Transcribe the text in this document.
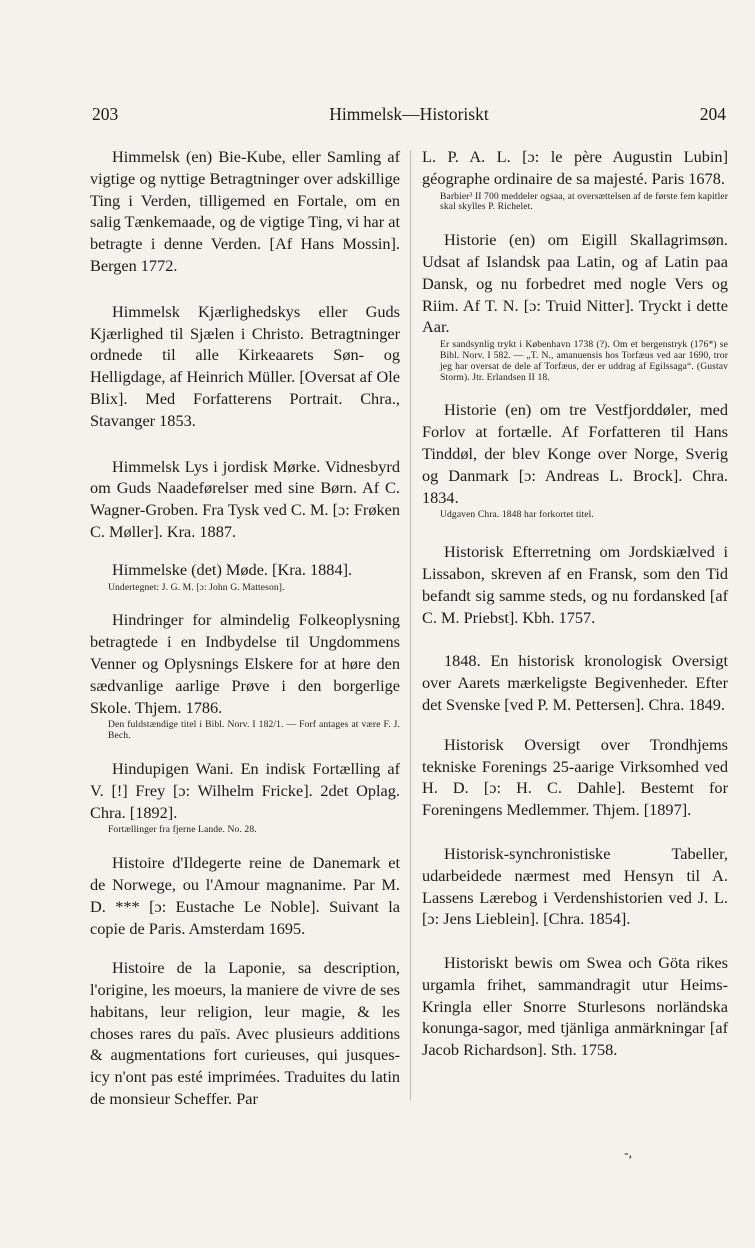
203	Himmelsk—Historiskt	204

Himmelsk (en) Bie-Kube, eller Samling af vigtige og nyttige Betragtninger over adskillige Ting i Verden, tilligemed en Fortale, om en salig Tænkemaade, og de vigtige Ting, vi har at betragte i denne Verden. [Af Hans Mossin]. Bergen 1772.

Himmelsk Kjærlighedskys eller Guds Kjærlighed til Sjælen i Christo. Betragtninger ordnede til alle Kirkeaarets Søn- og Helligdage, af Heinrich Müller. [Oversat af Ole Blix]. Med Forfatterens Portrait. Chra., Stavanger 1853.

Himmelsk Lys i jordisk Mørke. Vidnesbyrd om Guds Naadeførelser med sine Børn. Af C. Wagner-Groben. Fra Tysk ved C. M. [ɔ: Frøken C. Møller]. Kra. 1887.

Himmelske (det) Møde. [Kra. 1884].

Undertegnet: J. G. M. [ɔ: John G. Matteson].

Hindringer for almindelig Folkeoplysning betragtede i en Indbydelse til Ungdommens Venner og Oplysnings Elskere for at høre den sædvanlige aarlige Prøve i den borgerlige Skole. Thjem. 1786.

Den fuldstændige titel i Bibl. Norv. I 182/1. — Forf antages at være F. J. Bech.

Hindupigen Wani. En indisk Fortælling af V. [!] Frey [ɔ: Wilhelm Fricke]. 2det Oplag. Chra. [1892].

Fortællinger fra fjerne Lande. No. 28.

Histoire d'Ildegerte reine de Danemark et de Norwege, ou l'Amour magnanime. Par M. D. *** [ɔ: Eustache Le Noble]. Suivant la copie de Paris. Amsterdam 1695.

Histoire de la Laponie, sa description, l'origine, les moeurs, la maniere de vivre de ses habitans, leur religion, leur magie, & les choses rares du païs. Avec plusieurs additions & augmentations fort curieuses, qui jusques-icy n'ont pas esté imprimées. Traduites du latin de monsieur Scheffer. Par

L. P. A. L. [ɔ: le père Augustin Lubin] géographe ordinaire de sa majesté. Paris 1678.

Barbier³ II 700 meddeler ogsaa, at oversættelsen af de første fem kapitler skal skylles P. Richelet.

Historie (en) om Eigill Skallagrimsøn. Udsat af Islandsk paa Latin, og af Latin paa Dansk, og nu forbedret med nogle Vers og Riim. Af T. N. [ɔ: Truid Nitter]. Tryckt i dette Aar.

Er sandsynlig trykt i København 1738 (?). Om et bergenstryk (176*) se Bibl. Norv. I 582. — „T. N., amanuensis hos Torfæus ved aar 1690, tror jeg har oversat de dele af Torfæus, der er uddrag af Egilssaga“. (Gustav Storm). Jtr. Erlandsen II 18.

Historie (en) om tre Vestfjorddøler, med Forlov at fortælle. Af Forfatteren til Hans Tinddøl, der blev Konge over Norge, Sverig og Danmark [ɔ: Andreas L. Brock]. Chra. 1834.

Udgaven Chra. 1848 har forkortet titel.

Historisk Efterretning om Jordskiælved i Lissabon, skreven af en Fransk, som den Tid befandt sig samme steds, og nu fordansked [af C. M. Priebst]. Kbh. 1757.

1848. En historisk kronologisk Oversigt over Aarets mærkeligste Begivenheder. Efter det Svenske [ved P. M. Pettersen]. Chra. 1849.

Historisk Oversigt over Trondhjems tekniske Forenings 25-aarige Virksomhed ved H. D. [ɔ: H. C. Dahle]. Bestemt for Foreningens Medlemmer. Thjem. [1897].

Historisk-synchronistiske Tabeller, udarbeidede nærmest med Hensyn til A. Lassens Lærebog i Verdenshistorien ved J. L. [ɔ: Jens Lieblein]. [Chra. 1854].

Historiskt bewis om Swea och Göta rikes urgamla frihet, sammandragit utur Heims-Kringla eller Snorre Sturlesons norländska konunga-sagor, med tjänliga anmärkningar [af Jacob Richardson]. Sth. 1758.

-,
